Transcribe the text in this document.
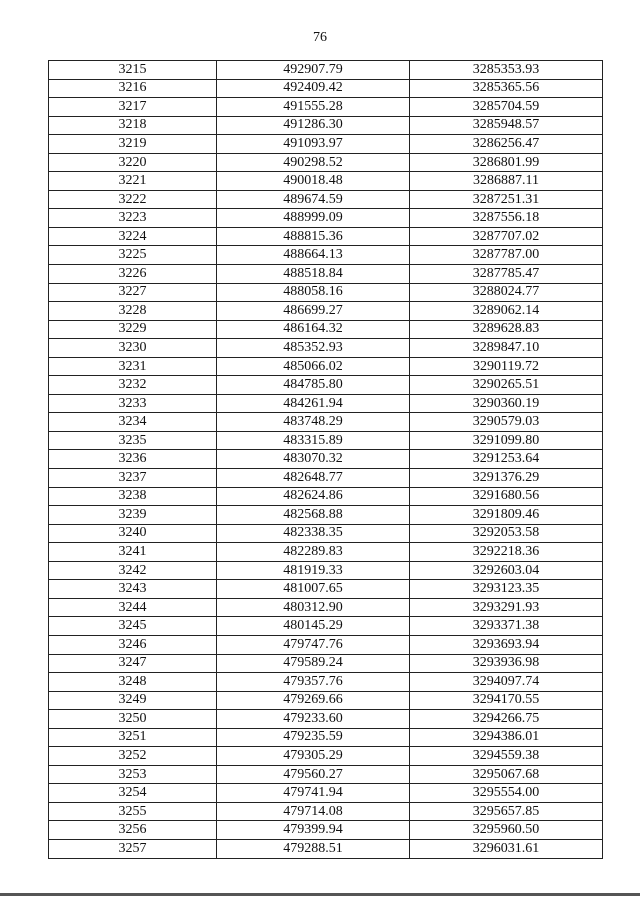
76
3215	492907.79	3285353.93
3216	492409.42	3285365.56
3217	491555.28	3285704.59
3218	491286.30	3285948.57
3219	491093.97	3286256.47
3220	490298.52	3286801.99
3221	490018.48	3286887.11
3222	489674.59	3287251.31
3223	488999.09	3287556.18
3224	488815.36	3287707.02
3225	488664.13	3287787.00
3226	488518.84	3287785.47
3227	488058.16	3288024.77
3228	486699.27	3289062.14
3229	486164.32	3289628.83
3230	485352.93	3289847.10
3231	485066.02	3290119.72
3232	484785.80	3290265.51
3233	484261.94	3290360.19
3234	483748.29	3290579.03
3235	483315.89	3291099.80
3236	483070.32	3291253.64
3237	482648.77	3291376.29
3238	482624.86	3291680.56
3239	482568.88	3291809.46
3240	482338.35	3292053.58
3241	482289.83	3292218.36
3242	481919.33	3292603.04
3243	481007.65	3293123.35
3244	480312.90	3293291.93
3245	480145.29	3293371.38
3246	479747.76	3293693.94
3247	479589.24	3293936.98
3248	479357.76	3294097.74
3249	479269.66	3294170.55
3250	479233.60	3294266.75
3251	479235.59	3294386.01
3252	479305.29	3294559.38
3253	479560.27	3295067.68
3254	479741.94	3295554.00
3255	479714.08	3295657.85
3256	479399.94	3295960.50
3257	479288.51	3296031.61
